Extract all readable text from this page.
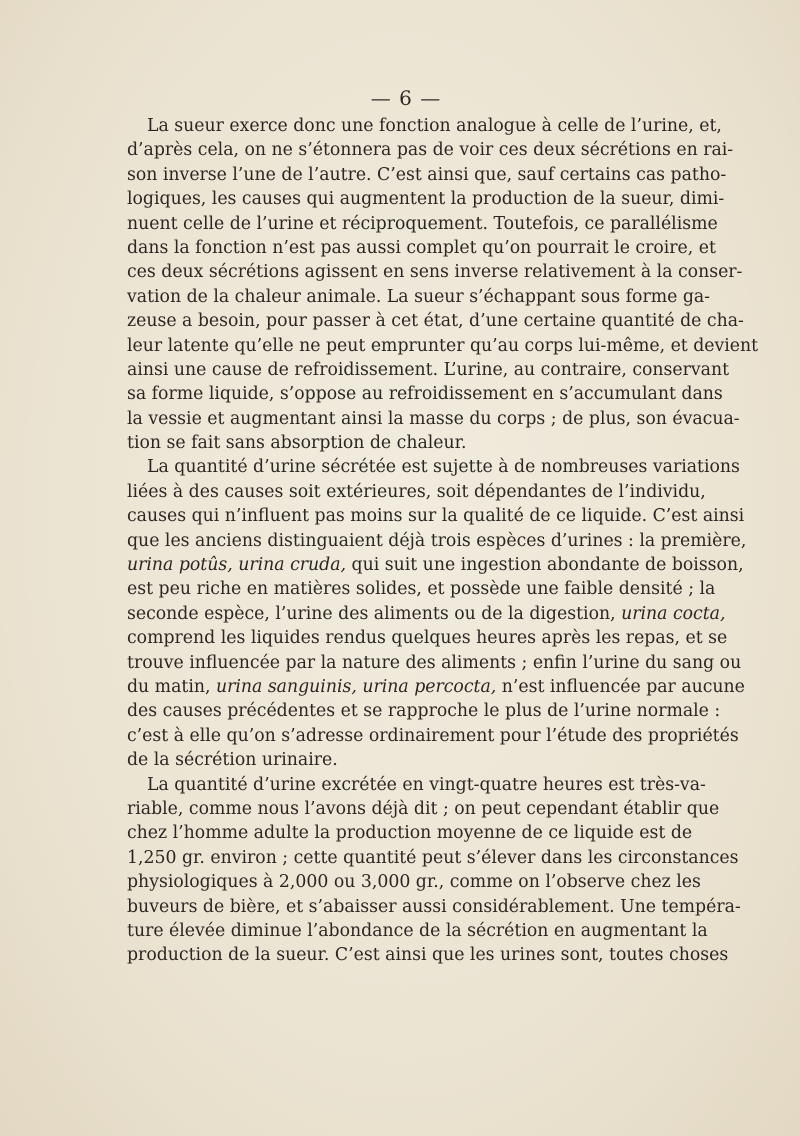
— 6 —
La sueur exerce donc une fonction analogue à celle de l’urine, et,
d’après cela, on ne s’étonnera pas de voir ces deux sécrétions en rai-
son inverse l’une de l’autre. C’est ainsi que, sauf certains cas patho-
logiques, les causes qui augmentent la production de la sueur, dimi-
nuent celle de l’urine et réciproquement. Toutefois, ce parallélisme
dans la fonction n’est pas aussi complet qu’on pourrait le croire, et
ces deux sécrétions agissent en sens inverse relativement à la conser-
vation de la chaleur animale. La sueur s’échappant sous forme ga-
zeuse a besoin, pour passer à cet état, d’une certaine quantité de cha-
leur latente qu’elle ne peut emprunter qu’au corps lui-même, et devient
ainsi une cause de refroidissement. L’urine, au contraire, conservant
sa forme liquide, s’oppose au refroidissement en s’accumulant dans
la vessie et augmentant ainsi la masse du corps ; de plus, son évacua-
tion se fait sans absorption de chaleur.
La quantité d’urine sécrétée est sujette à de nombreuses variations
liées à des causes soit extérieures, soit dépendantes de l’individu,
causes qui n’influent pas moins sur la qualité de ce liquide. C’est ainsi
que les anciens distinguaient déjà trois espèces d’urines : la première,
urina potûs, urina cruda, qui suit une ingestion abondante de boisson,
est peu riche en matières solides, et possède une faible densité ; la
seconde espèce, l’urine des aliments ou de la digestion, urina cocta,
comprend les liquides rendus quelques heures après les repas, et se
trouve influencée par la nature des aliments ; enfin l’urine du sang ou
du matin, urina sanguinis, urina percocta, n’est influencée par aucune
des causes précédentes et se rapproche le plus de l’urine normale :
c’est à elle qu’on s’adresse ordinairement pour l’étude des propriétés
de la sécrétion urinaire.
La quantité d’urine excrétée en vingt-quatre heures est très-va-
riable, comme nous l’avons déjà dit ; on peut cependant établir que
chez l’homme adulte la production moyenne de ce liquide est de
1,250 gr. environ ; cette quantité peut s’élever dans les circonstances
physiologiques à 2,000 ou 3,000 gr., comme on l’observe chez les
buveurs de bière, et s’abaisser aussi considérablement. Une tempéra-
ture élevée diminue l’abondance de la sécrétion en augmentant la
production de la sueur. C’est ainsi que les urines sont, toutes choses
